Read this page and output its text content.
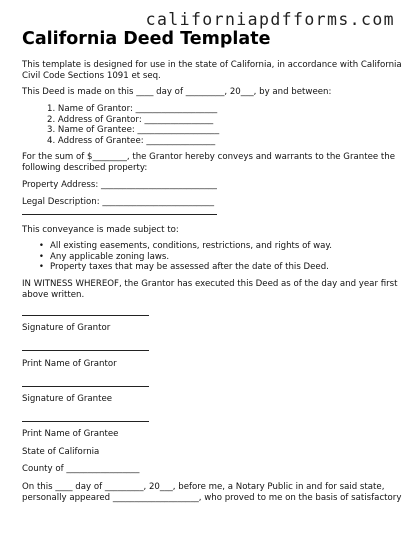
californiapdfforms.com
California Deed Template
This template is designed for use in the state of California, in accordance with California
Civil Code Sections 1091 et seq.
This Deed is made on this ____ day of _________, 20___, by and between:
1. Name of Grantor: ___________________
2. Address of Grantor: ________________
3. Name of Grantee: ___________________
4. Address of Grantee: ________________
For the sum of $________, the Grantor hereby conveys and warrants to the Grantee the
following described property:
Property Address: ___________________________
Legal Description: __________________________
This conveyance is made subject to:
• All existing easements, conditions, restrictions, and rights of way.
• Any applicable zoning laws.
• Property taxes that may be assessed after the date of this Deed.
IN WITNESS WHEREOF, the Grantor has executed this Deed as of the day and year first
above written.
Signature of Grantor
Print Name of Grantor
Signature of Grantee
Print Name of Grantee
State of California
County of _________________
On this ____ day of _________, 20___, before me, a Notary Public in and for said state,
personally appeared ____________________, who proved to me on the basis of satisfactory
